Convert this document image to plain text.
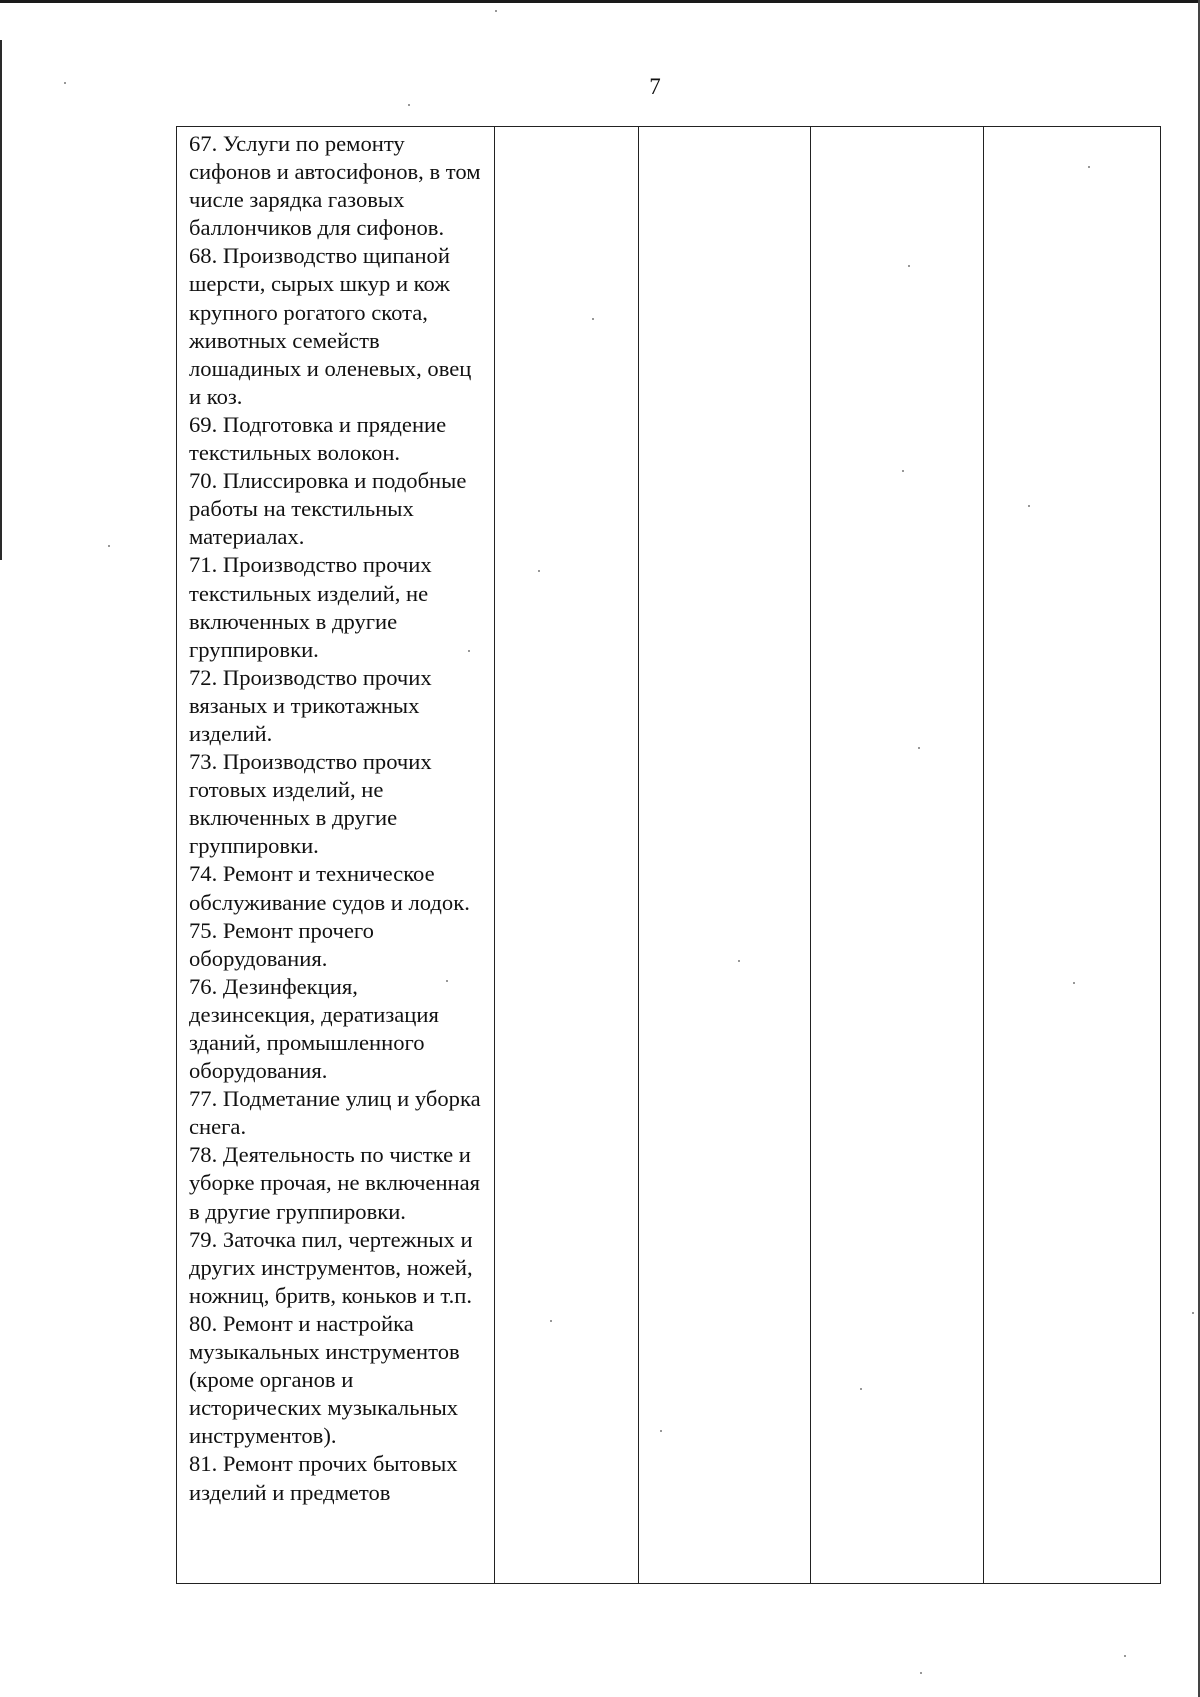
7

67. Услуги по ремонту сифонов и автосифонов, в том числе зарядка газовых баллончиков для сифонов.

68. Производство щипаной шерсти, сырых шкур и кож крупного рогатого скота, животных семейств лошадиных и оленевых, овец и коз.

69. Подготовка и прядение текстильных волокон.

70. Плиссировка и подобные работы на текстильных материалах.

71. Производство прочих текстильных изделий, не включенных в другие группировки.

72. Производство прочих вязаных и трикотажных изделий.

73. Производство прочих готовых изделий, не включенных в другие группировки.

74. Ремонт и техническое обслуживание судов и лодок.

75. Ремонт прочего оборудования.

76. Дезинфекция, дезинсекция, дератизация зданий, промышленного оборудования.

77. Подметание улиц и уборка снега.

78. Деятельность по чистке и уборке прочая, не включенная в другие группировки.

79. Заточка пил, чертежных и других инструментов, ножей, ножниц, бритв, коньков и т.п.

80. Ремонт и настройка музыкальных инструментов (кроме органов и исторических музыкальных инструментов).

81. Ремонт прочих бытовых изделий и предметов
